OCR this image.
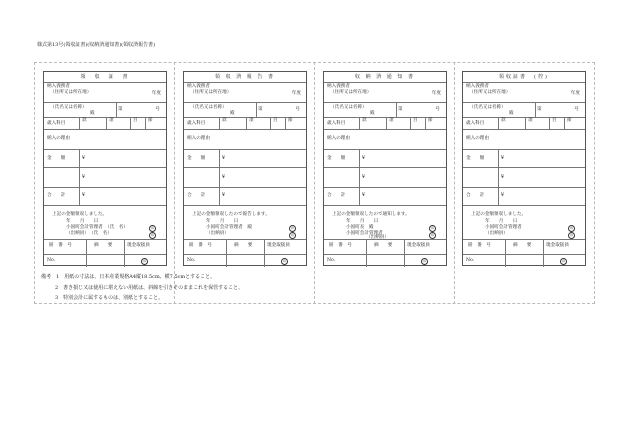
様式第13号(領収証書)(収納済通知書)(領収済報告書)
領　収　証　書
納入義務者
（住所又は所在地）	年度
（氏名又は名称）
殿
第	号
歳入科目
款	項	目 節
納入の理由
金　　額	¥
¥
合　　計	¥
上記の金額領収しました。
年　　月　　日
小国町会計管理者　（氏　名）
（出納員）　（氏　名）
印
印
冊　番　号	摘　　要	現金取扱員
No.	印
領 収 済 報 告 書
納入義務者
（住所又は所在地）	年度
（氏名又は名称）
殿
第	号
歳入科目
款	項	目 節
納入の理由
金　　額	¥
¥
合　　計	¥
上記の金額領収したので報告します。
年　　月　　日
小国町会計管理者　殿
（出納員）
印
印
冊　番　号	摘　　要	現金取扱員
No.	印
収 納 済 通 知 書
納入義務者
（住所又は所在地）	年度
（氏名又は名称）
殿
第	号
歳入科目
款	項	目 節
納入の理由
金　　額	¥
¥
合　　計	¥
上記の金額領収したので通知します。
年　　月　　日
小国町長　殿
小国町会計管理者
（出納員）
印
印
冊　番　号	摘　　要	現金取扱員
No.	印
領収証書　(控)
納入義務者
（住所又は所在地）	年度
（氏名又は名称）
殿
第	号
歳入科目
款	項	目 節
納入の理由
金　　額	¥
¥
合　　計	¥
上記の金額領収しました。
年　　月　　日
小国町会計管理者
（出納員）
印
印
冊　番　号	摘　　要	現金取扱員
No.	印
備考　 1　用紙の寸法は、日本産業規格A4縦18.5cm、横7.5cmとすること。
2　書き損じ又は使用に堪えない用紙は、斜線を引きそのままこれを保管すること。
3　特別会計に属するものは、別紙とすること。
